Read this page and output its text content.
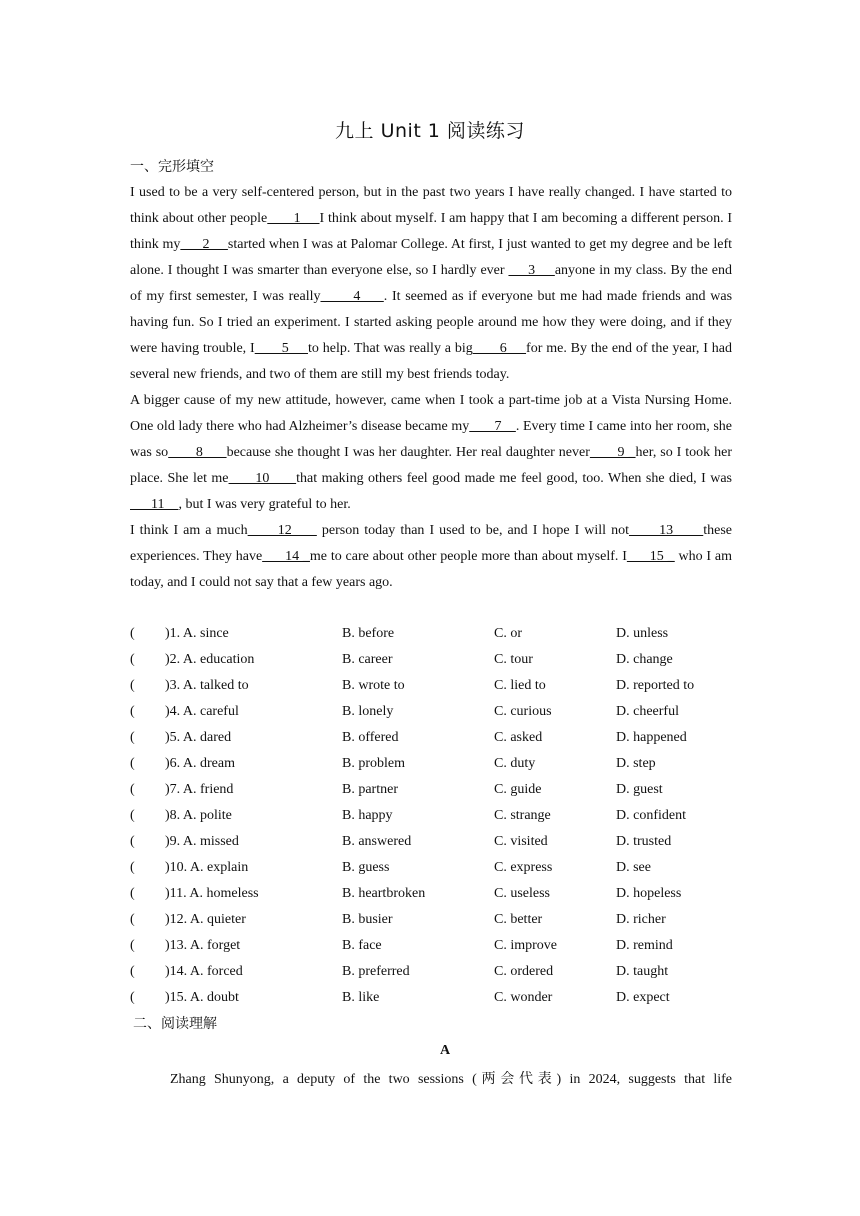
九上 Unit 1 阅读练习
一、完形填空

I used to be a very self-centered person, but in the past two years I have really changed. I have started to think about other people       1     I think about myself. I am happy that I am becoming a different person. I think my      2     started when I was at Palomar College. At first, I just wanted to get my degree and be left alone. I thought I was smarter than everyone else, so I hardly ever      3     anyone in my class. By the end of my first semester, I was really       4     . It seemed as if everyone but me had made friends and was having fun. So I tried an experiment. I started asking people around me how they were doing, and if they were having trouble, I       5     to help. That was really a big       6     for me. By the end of the year, I had several new friends, and two of them are still my best friends today.

A bigger cause of my new attitude, however, came when I took a part-time job at a Vista Nursing Home. One old lady there who had Alzheimer’s disease became my       7    . Every time I came into her room, she was so       8      because she thought I was her daughter. Her real daughter never       9 _her, so I took her place. She let me      10      that making others feel good made me feel good, too. When she died, I was      11    , but I was very grateful to her.

I think I am a much      12      person today than I used to be, and I hope I will not      13      these experiences. They have      14 _me to care about other people more than about myself. I      15 _ who I am today, and I could not say that a few years ago.

( )1. A. since	B. before	C. or	D. unless
( )2. A. education	B. career	C. tour	D. change
( )3. A. talked to	B. wrote to	C. lied to	D. reported to
( )4. A. careful	B. lonely	C. curious	D. cheerful
( )5. A. dared	B. offered	C. asked	D. happened
( )6. A. dream	B. problem	C. duty	D. step
( )7. A. friend	B. partner	C. guide	D. guest
( )8. A. polite	B. happy	C. strange	D. confident
( )9. A. missed	B. answered	C. visited	D. trusted
( )10. A. explain	B. guess	C. express	D. see
( )11. A. homeless	B. heartbroken	C. useless	D. hopeless
( )12. A. quieter	B. busier	C. better	D. richer
( )13. A. forget	B. face	C. improve	D. remind
( )14. A. forced	B. preferred	C. ordered	D. taught
( )15. A. doubt	B. like	C. wonder	D. expect
二、阅读理解
A
Zhang Shunyong, a deputy of the two sessions (两会代表) in 2024, suggests that life
